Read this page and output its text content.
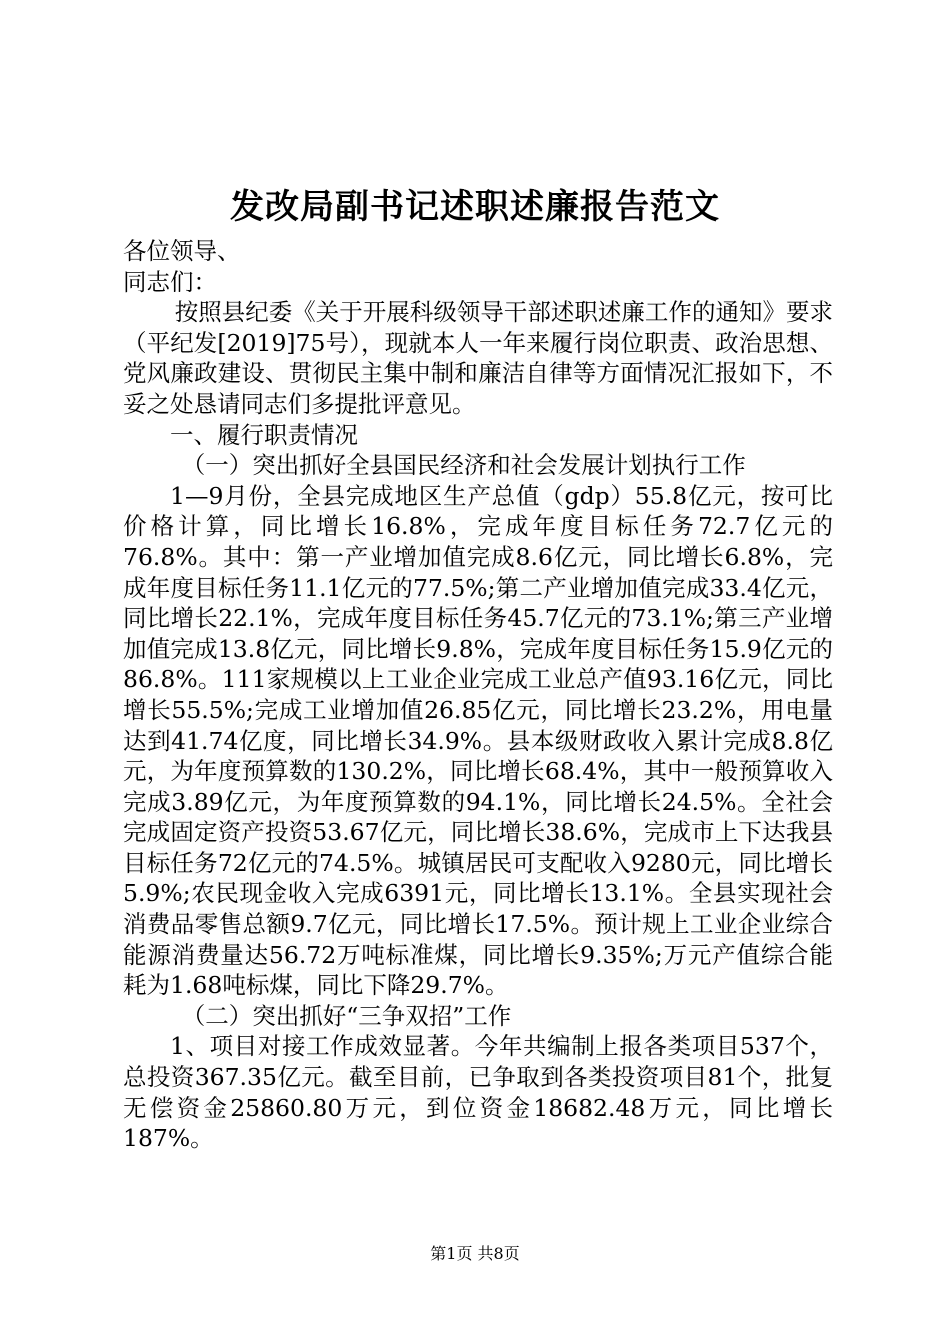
发改局副书记述职述廉报告范文

各位领导、

同志们：

按照县纪委《关于开展科级领导干部述职述廉工作的通知》要求（平纪发[2019]75号），现就本人一年来履行岗位职责、政治思想、党风廉政建设、贯彻民主集中制和廉洁自律等方面情况汇报如下，不妥之处恳请同志们多提批评意见。

一、履行职责情况

（一）突出抓好全县国民经济和社会发展计划执行工作

1—9月份，全县完成地区生产总值（gdp）55.8亿元，按可比价格计算，同比增长16.8%，完成年度目标任务72.7亿元的76.8%。其中：第一产业增加值完成8.6亿元，同比增长6.8%，完成年度目标任务11.1亿元的77.5%;第二产业增加值完成33.4亿元，同比增长22.1%，完成年度目标任务45.7亿元的73.1%;第三产业增加值完成13.8亿元，同比增长9.8%，完成年度目标任务15.9亿元的86.8%。111家规模以上工业企业完成工业总产值93.16亿元，同比增长55.5%;完成工业增加值26.85亿元，同比增长23.2%，用电量达到41.74亿度，同比增长34.9%。县本级财政收入累计完成8.8亿元，为年度预算数的130.2%，同比增长68.4%，其中一般预算收入完成3.89亿元，为年度预算数的94.1%，同比增长24.5%。全社会完成固定资产投资53.67亿元，同比增长38.6%，完成市上下达我县目标任务72亿元的74.5%。城镇居民可支配收入9280元，同比增长5.9%;农民现金收入完成6391元，同比增长13.1%。全县实现社会消费品零售总额9.7亿元，同比增长17.5%。预计规上工业企业综合能源消费量达56.72万吨标准煤，同比增长9.35%;万元产值综合能耗为1.68吨标煤，同比下降29.7%。

（二）突出抓好“三争双招”工作

1、项目对接工作成效显著。今年共编制上报各类项目537个，总投资367.35亿元。截至目前，已争取到各类投资项目81个，批复无偿资金25860.80万元，到位资金18682.48万元，同比增长187%。

第1页 共8页
